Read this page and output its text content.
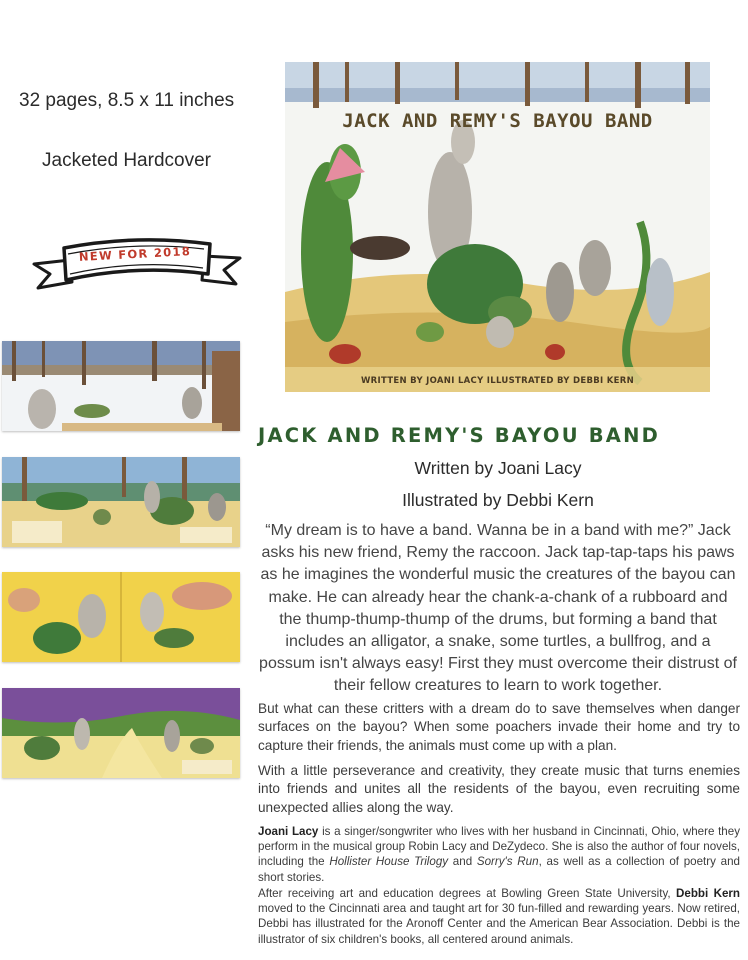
32 pages, 8.5 x 11 inches
Jacketed Hardcover
NEW FOR 2018
JACK AND REMY'S BAYOU BAND
WRITTEN BY JOANI LACY ILLUSTRATED BY DEBBI KERN
JACK AND REMY'S BAYOU BAND
Written by Joani Lacy
Illustrated by Debbi Kern
“My dream is to have a band. Wanna be in a band with me?” Jack asks his new friend, Remy the raccoon. Jack tap-tap-taps his paws as he imagines the wonderful music the creatures of the bayou can make. He can already hear the chank-a-chank of a rubboard and the thump-thump-thump of the drums, but forming a band that includes an alligator, a snake, some turtles, a bullfrog, and a possum isn't always easy! First they must overcome their distrust of their fellow creatures to learn to work together.
But what can these critters with a dream do to save themselves when danger surfaces on the bayou? When some poachers invade their home and try to capture their friends, the animals must come up with a plan.
With a little perseverance and creativity, they create music that turns enemies into friends and unites all the residents of the bayou, even recruiting some unexpected allies along the way.
Joani Lacy is a singer/songwriter who lives with her husband in Cincinnati, Ohio, where they perform in the musical group Robin Lacy and DeZydeco. She is also the author of four novels, including the Hollister House Trilogy and Sorry's Run, as well as a collection of poetry and short stories.
After receiving art and education degrees at Bowling Green State University, Debbi Kern moved to the Cincinnati area and taught art for 30 fun-filled and rewarding years. Now retired, Debbi has illustrated for the Aronoff Center and the American Bear Association. Debbi is the illustrator of six children's books, all centered around animals.
